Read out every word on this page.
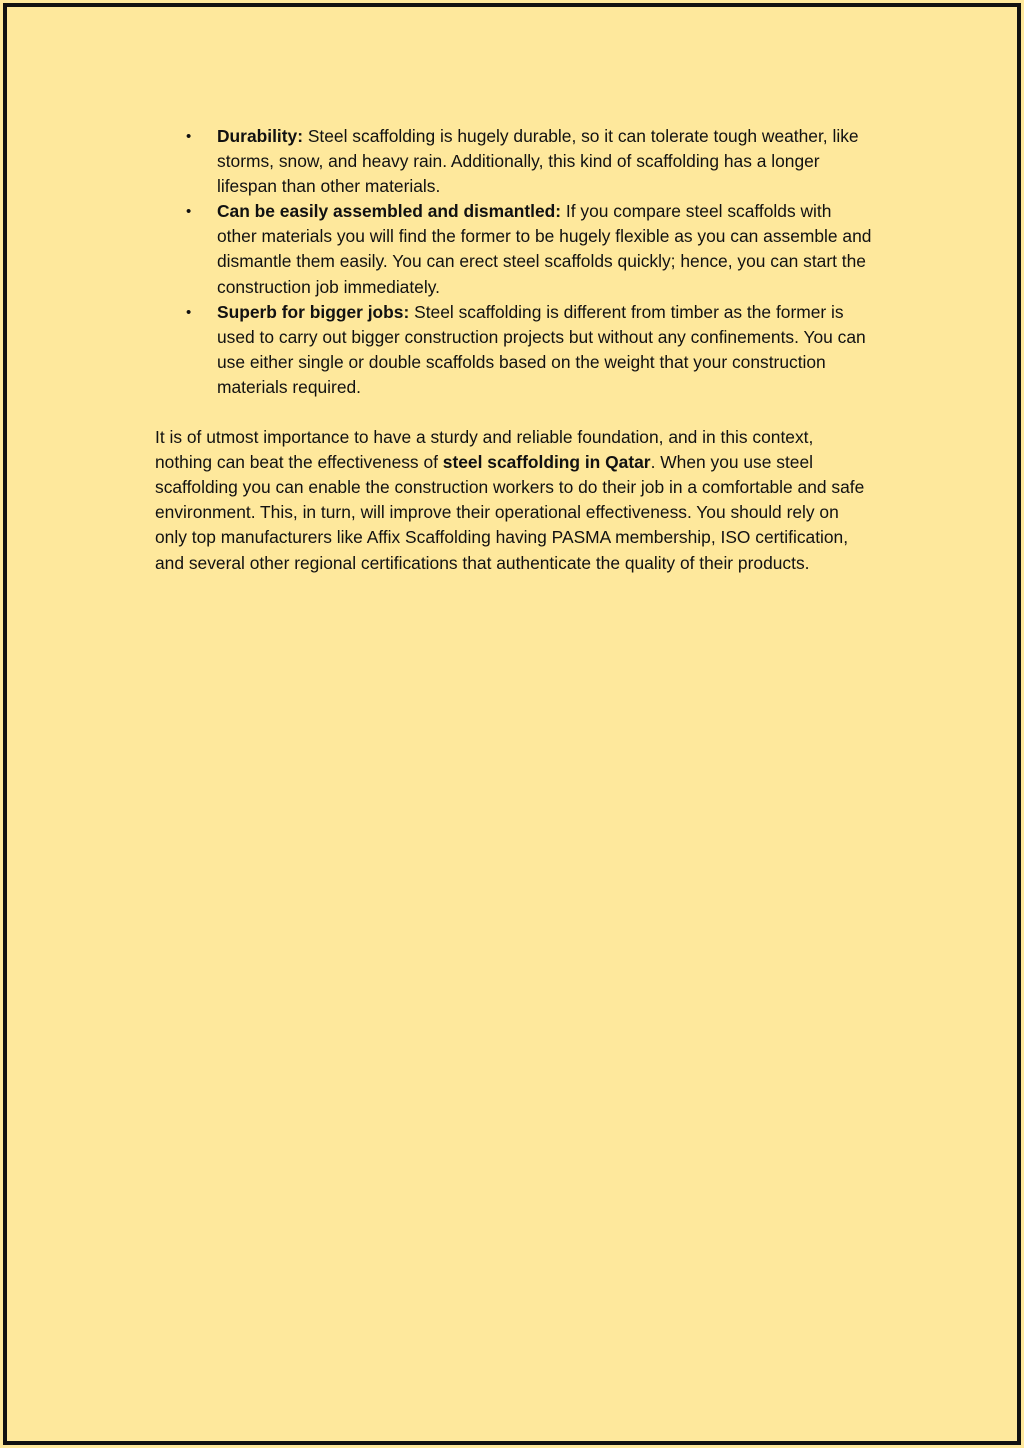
• Durability: Steel scaffolding is hugely durable, so it can tolerate tough weather, like storms, snow, and heavy rain. Additionally, this kind of scaffolding has a longer lifespan than other materials.
• Can be easily assembled and dismantled: If you compare steel scaffolds with other materials you will find the former to be hugely flexible as you can assemble and dismantle them easily. You can erect steel scaffolds quickly; hence, you can start the construction job immediately.
• Superb for bigger jobs: Steel scaffolding is different from timber as the former is used to carry out bigger construction projects but without any confinements. You can use either single or double scaffolds based on the weight that your construction materials required.

It is of utmost importance to have a sturdy and reliable foundation, and in this context, nothing can beat the effectiveness of steel scaffolding in Qatar. When you use steel scaffolding you can enable the construction workers to do their job in a comfortable and safe environment. This, in turn, will improve their operational effectiveness. You should rely on only top manufacturers like Affix Scaffolding having PASMA membership, ISO certification, and several other regional certifications that authenticate the quality of their products.
